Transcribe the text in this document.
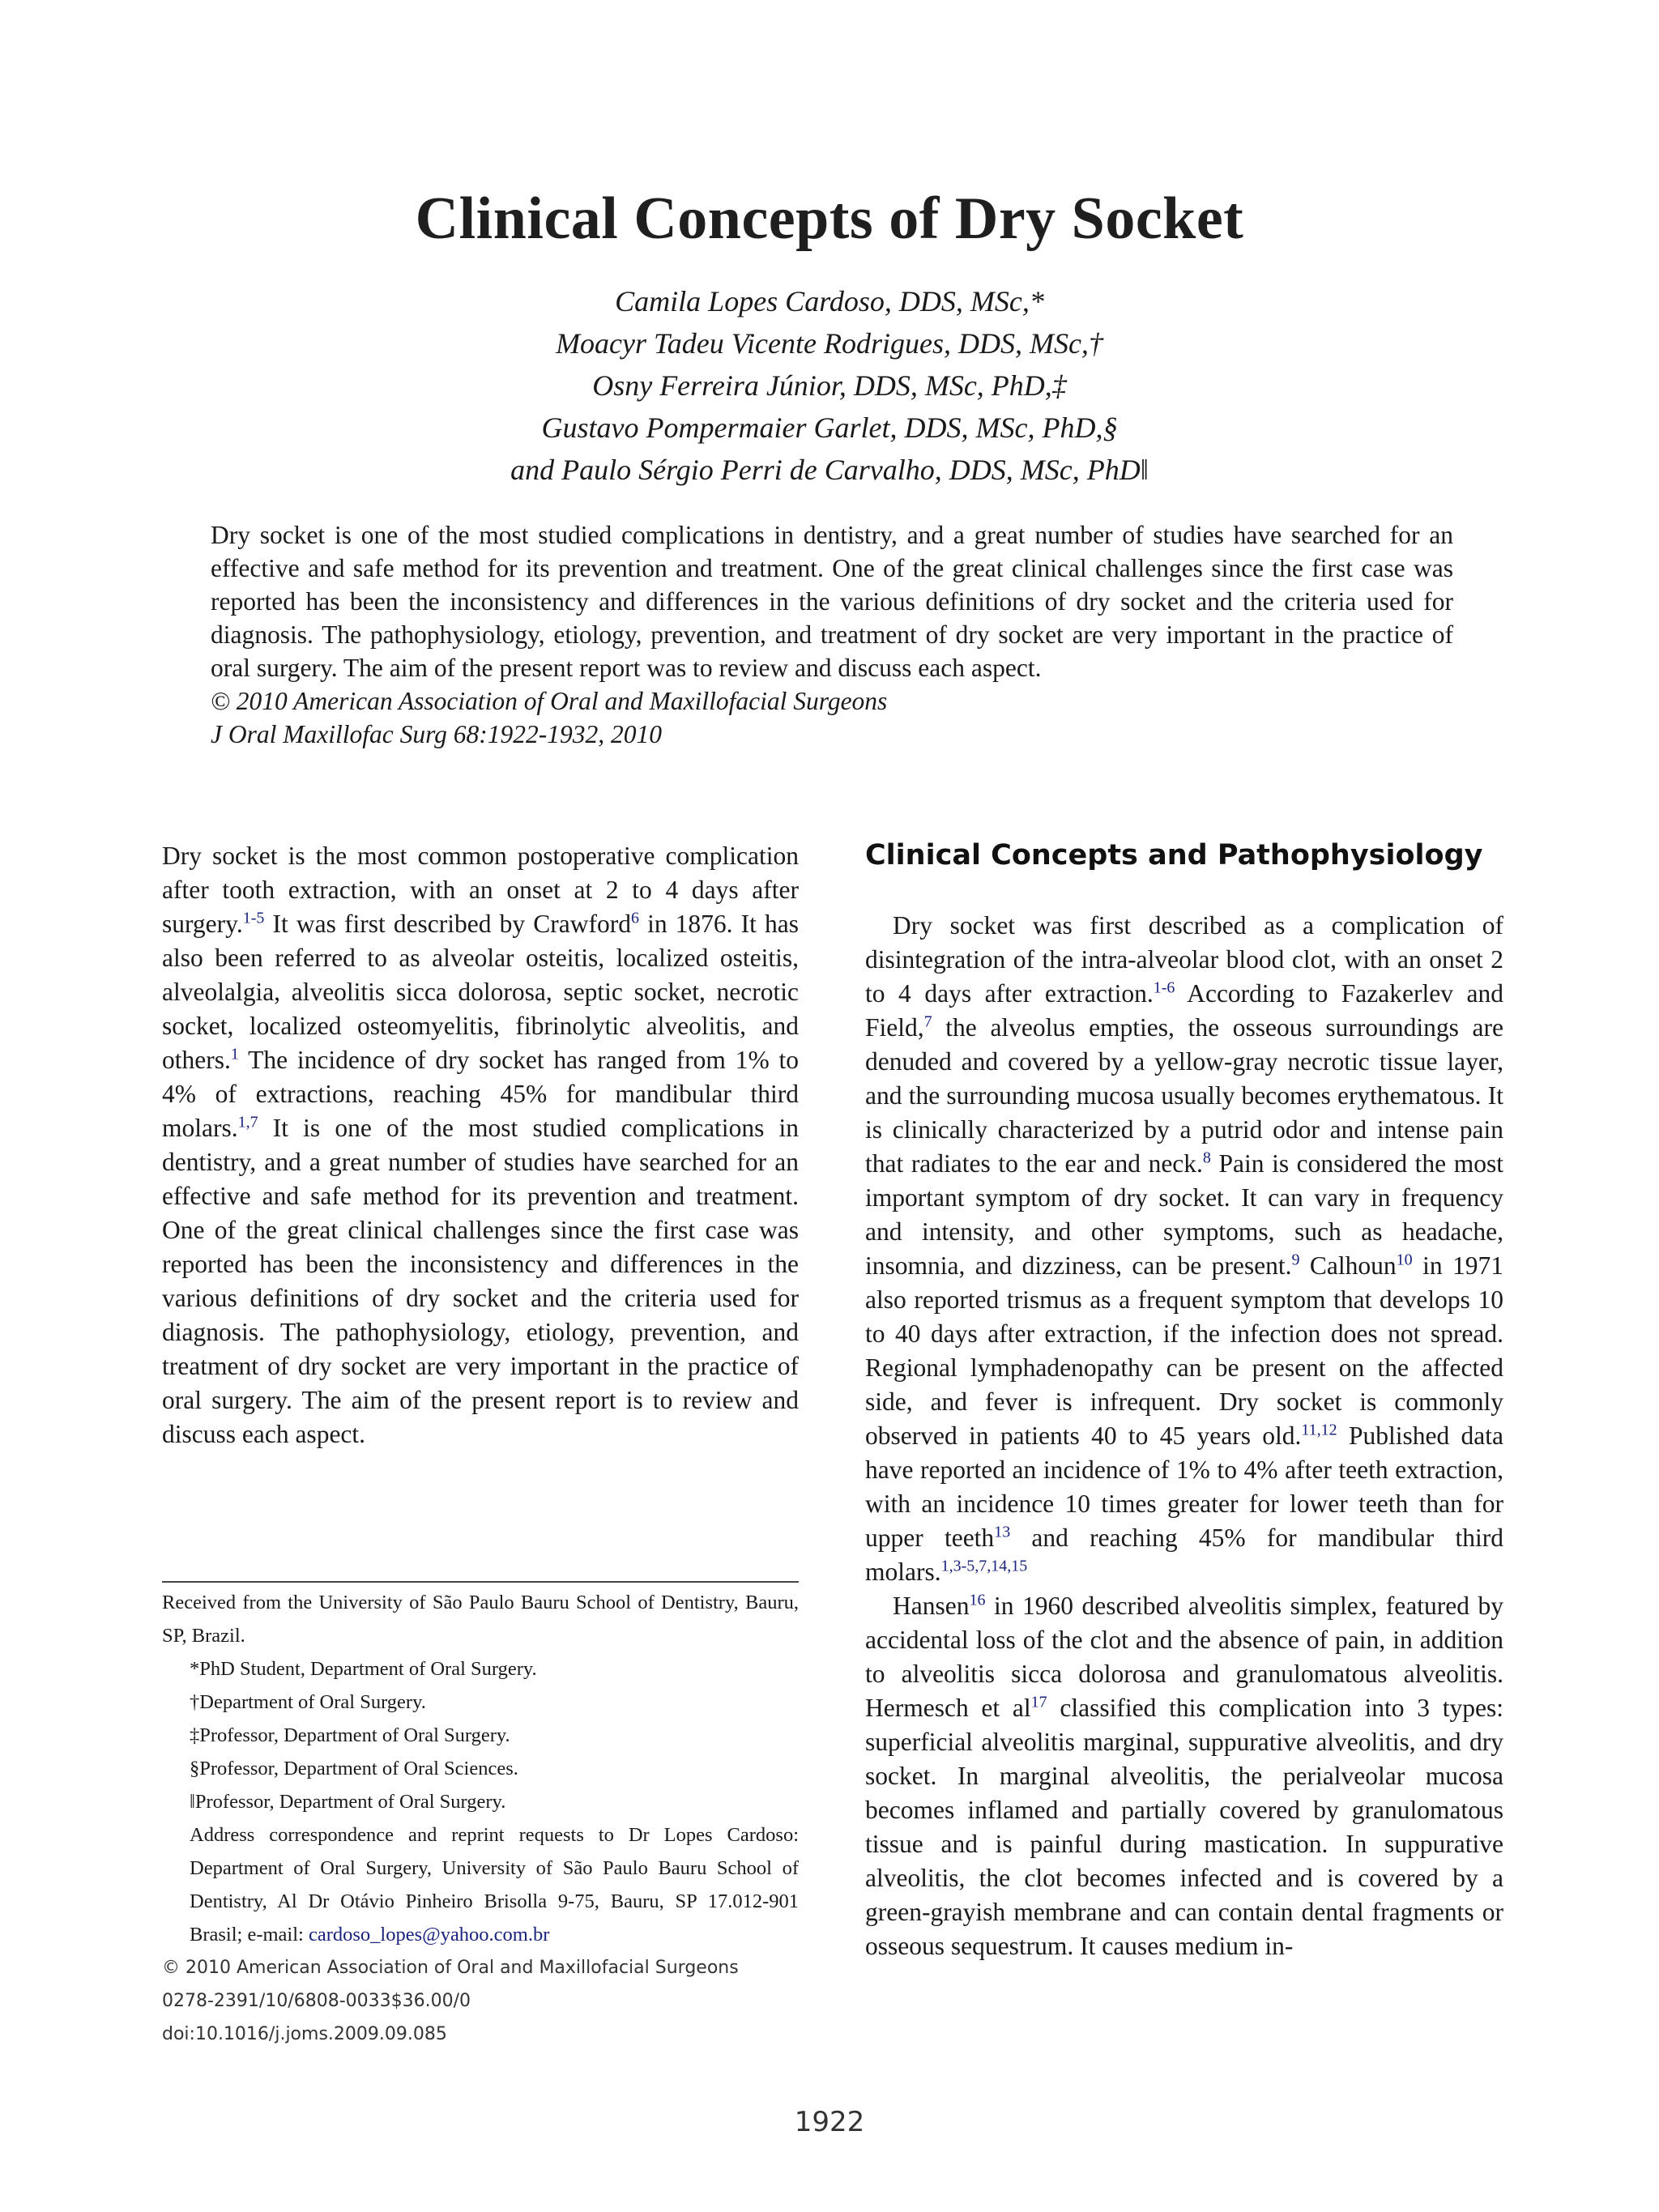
Clinical Concepts of Dry Socket
Camila Lopes Cardoso, DDS, MSc,*
Moacyr Tadeu Vicente Rodrigues, DDS, MSc,†
Osny Ferreira Júnior, DDS, MSc, PhD,‡
Gustavo Pompermaier Garlet, DDS, MSc, PhD,§
and Paulo Sérgio Perri de Carvalho, DDS, MSc, PhD‖
Dry socket is one of the most studied complications in dentistry, and a great number of studies have searched for an effective and safe method for its prevention and treatment. One of the great clinical challenges since the first case was reported has been the inconsistency and differences in the various definitions of dry socket and the criteria used for diagnosis. The pathophysiology, etiology, prevention, and treatment of dry socket are very important in the practice of oral surgery. The aim of the present report was to review and discuss each aspect.
© 2010 American Association of Oral and Maxillofacial Surgeons
J Oral Maxillofac Surg 68:1922-1932, 2010

Dry socket is the most common postoperative complication after tooth extraction, with an onset at 2 to 4 days after surgery.$^{1-5}$ It was first described by Crawford$^6$ in 1876. It has also been referred to as alveolar osteitis, localized osteitis, alveolalgia, alveolitis sicca dolorosa, septic socket, necrotic socket, localized osteomyelitis, fibrinolytic alveolitis, and others.$^1$ The incidence of dry socket has ranged from 1% to 4% of extractions, reaching 45% for mandibular third molars.$^{1,7}$ It is one of the most studied complications in dentistry, and a great number of studies have searched for an effective and safe method for its prevention and treatment. One of the great clinical challenges since the first case was reported has been the inconsistency and differences in the various definitions of dry socket and the criteria used for diagnosis. The pathophysiology, etiology, prevention, and treatment of dry socket are very important in the practice of oral surgery. The aim of the present report is to review and discuss each aspect.

Received from the University of São Paulo Bauru School of Dentistry, Bauru, SP, Brazil.
*PhD Student, Department of Oral Surgery.
†Department of Oral Surgery.
‡Professor, Department of Oral Surgery.
§Professor, Department of Oral Sciences.
‖Professor, Department of Oral Surgery.
Address correspondence and reprint requests to Dr Lopes Cardoso: Department of Oral Surgery, University of São Paulo Bauru School of Dentistry, Al Dr Otávio Pinheiro Brisolla 9-75, Bauru, SP 17.012-901 Brasil; e-mail: cardoso_lopes@yahoo.com.br
© 2010 American Association of Oral and Maxillofacial Surgeons
0278-2391/10/6808-0033$36.00/0
doi:10.1016/j.joms.2009.09.085
Clinical Concepts and Pathophysiology

Dry socket was first described as a complication of disintegration of the intra-alveolar blood clot, with an onset 2 to 4 days after extraction.$^{1-6}$ According to Fazakerlev and Field,$^7$ the alveolus empties, the osseous surroundings are denuded and covered by a yellow-gray necrotic tissue layer, and the surrounding mucosa usually becomes erythematous. It is clinically characterized by a putrid odor and intense pain that radiates to the ear and neck.$^8$ Pain is considered the most important symptom of dry socket. It can vary in frequency and intensity, and other symptoms, such as headache, insomnia, and dizziness, can be present.$^9$ Calhoun$^{10}$ in 1971 also reported trismus as a frequent symptom that develops 10 to 40 days after extraction, if the infection does not spread. Regional lymphadenopathy can be present on the affected side, and fever is infrequent. Dry socket is commonly observed in patients 40 to 45 years old.$^{11,12}$ Published data have reported an incidence of 1% to 4% after teeth extraction, with an incidence 10 times greater for lower teeth than for upper teeth$^{13}$ and reaching 45% for mandibular third molars.$^{1,3-5,7,14,15}$

Hansen$^{16}$ in 1960 described alveolitis simplex, featured by accidental loss of the clot and the absence of pain, in addition to alveolitis sicca dolorosa and granulomatous alveolitis. Hermesch et $al^{17}$ classified this complication into 3 types: superficial alveolitis marginal, suppurative alveolitis, and dry socket. In marginal alveolitis, the perialveolar mucosa becomes inflamed and partially covered by granulomatous tissue and is painful during mastication. In suppurative alveolitis, the clot becomes infected and is covered by a green-grayish membrane and can contain dental fragments or osseous sequestrum. It causes medium in-

1922
